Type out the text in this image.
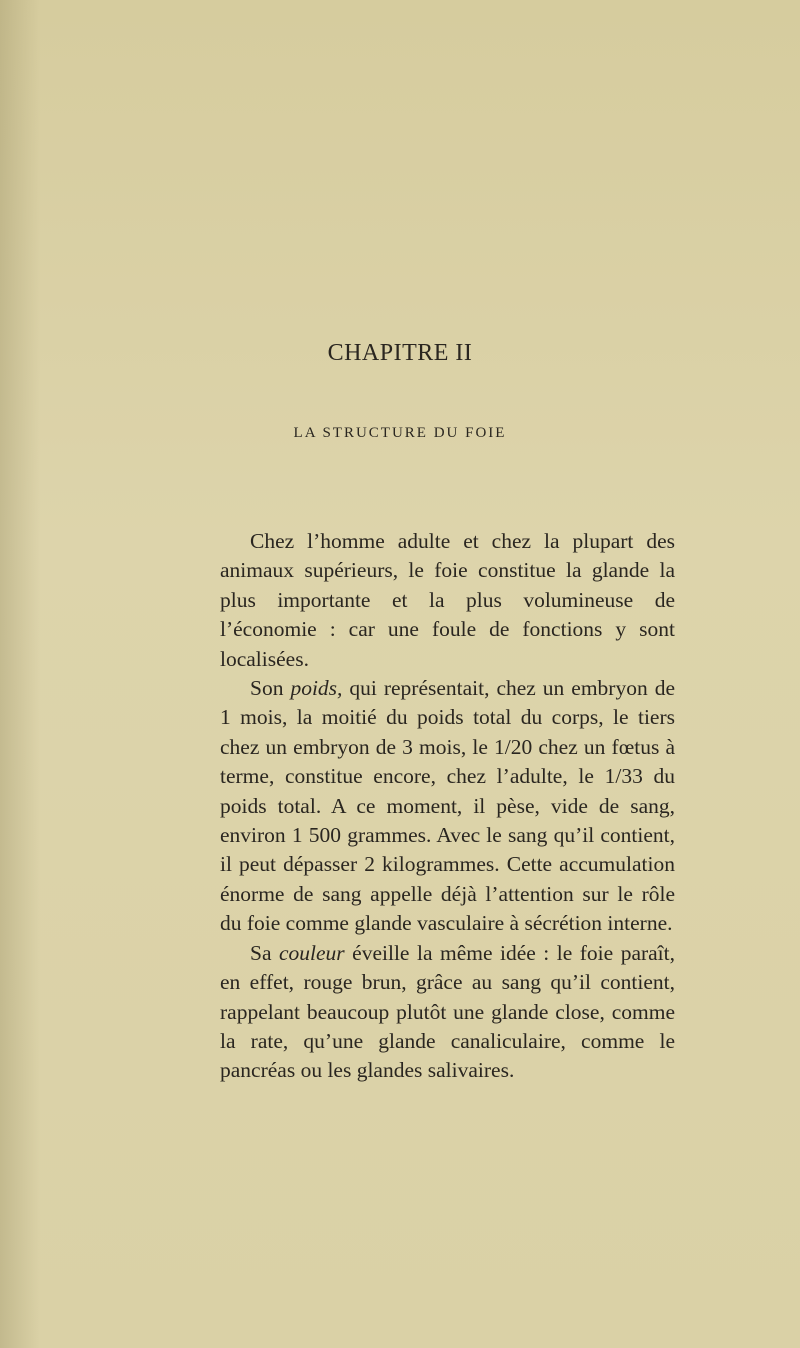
CHAPITRE II
LA STRUCTURE DU FOIE

Chez l’homme adulte et chez la plupart des animaux supérieurs, le foie constitue la glande la plus importante et la plus volumineuse de l’économie : car une foule de fonctions y sont localisées.

Son poids, qui représentait, chez un embryon de 1 mois, la moitié du poids total du corps, le tiers chez un embryon de 3 mois, le 1/20 chez un fœtus à terme, constitue encore, chez l’adulte, le 1/33 du poids total. A ce moment, il pèse, vide de sang, environ 1 500 grammes. Avec le sang qu’il contient, il peut dépasser 2 kilogrammes. Cette accumulation énorme de sang appelle déjà l’attention sur le rôle du foie comme glande vasculaire à sécrétion interne.

Sa couleur éveille la même idée : le foie paraît, en effet, rouge brun, grâce au sang qu’il contient, rappelant beaucoup plutôt une glande close, comme la rate, qu’une glande canaliculaire, comme le pancréas ou les glandes salivaires.
